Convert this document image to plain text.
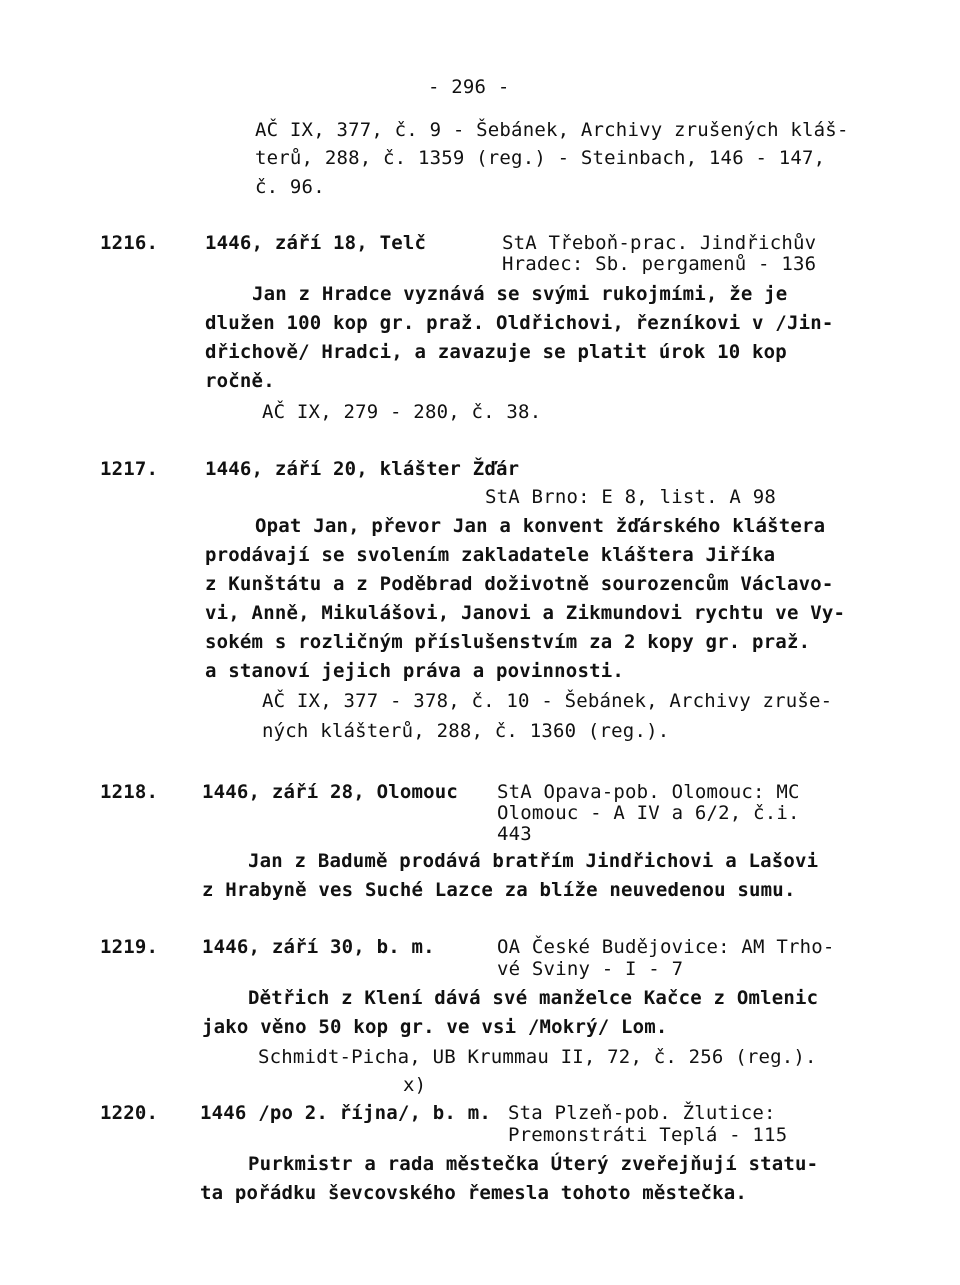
- 296 -
AČ IX, 377, č. 9 - Šebánek, Archivy zrušených kláš-
terů, 288, č. 1359 (reg.) - Steinbach, 146 - 147,
č. 96.
1216. 1446, září 18, Telč	StA Třeboň-prac. Jindřichův
Hradec: Sb. pergamenů - 136
Jan z Hradce vyznává se svými rukojmími, že je
dlužen 100 kop gr. praž. Oldřichovi, řezníkovi v /Jin-
dřichově/ Hradci, a zavazuje se platit úrok 10 kop
ročně.
AČ IX, 279 - 280, č. 38.
1217. 1446, září 20, klášter Žďár
StA Brno: E 8, list. A 98
Opat Jan, převor Jan a konvent žďárského kláštera
prodávají se svolením zakladatele kláštera Jiříka
z Kunštátu a z Poděbrad doživotně sourozencům Václavo-
vi, Anně, Mikulášovi, Janovi a Zikmundovi rychtu ve Vy-
sokém s rozličným příslušenstvím za 2 kopy gr. praž.
a stanoví jejich práva a povinnosti.
AČ IX, 377 - 378, č. 10 - Šebánek, Archivy zruše-
ných klášterů, 288, č. 1360 (reg.).
1218. 1446, září 28, Olomouc StA Opava-pob. Olomouc: MC
Olomouc - A IV a 6/2, č.i.
443
Jan z Badumě prodává bratřím Jindřichovi a Lašovi
z Hrabyně ves Suché Lazce za blíže neuvedenou sumu.
1219. 1446, září 30, b. m.	OA České Budějovice: AM Trho-
vé Sviny - I - 7
Dětřich z Klení dává své manželce Kačce z Omlenic
jako věno 50 kop gr. ve vsi /Mokrý/ Lom.
Schmidt-Picha, UB Krummau II, 72, č. 256 (reg.).
x)
1220. 1446 /po 2. října/, b. m. Sta Plzeň-pob. Žlutice:
Premonstráti Teplá - 115
Purkmistr a rada městečka Úterý zveřejňují statu-
ta pořádku ševcovského řemesla tohoto městečka.
